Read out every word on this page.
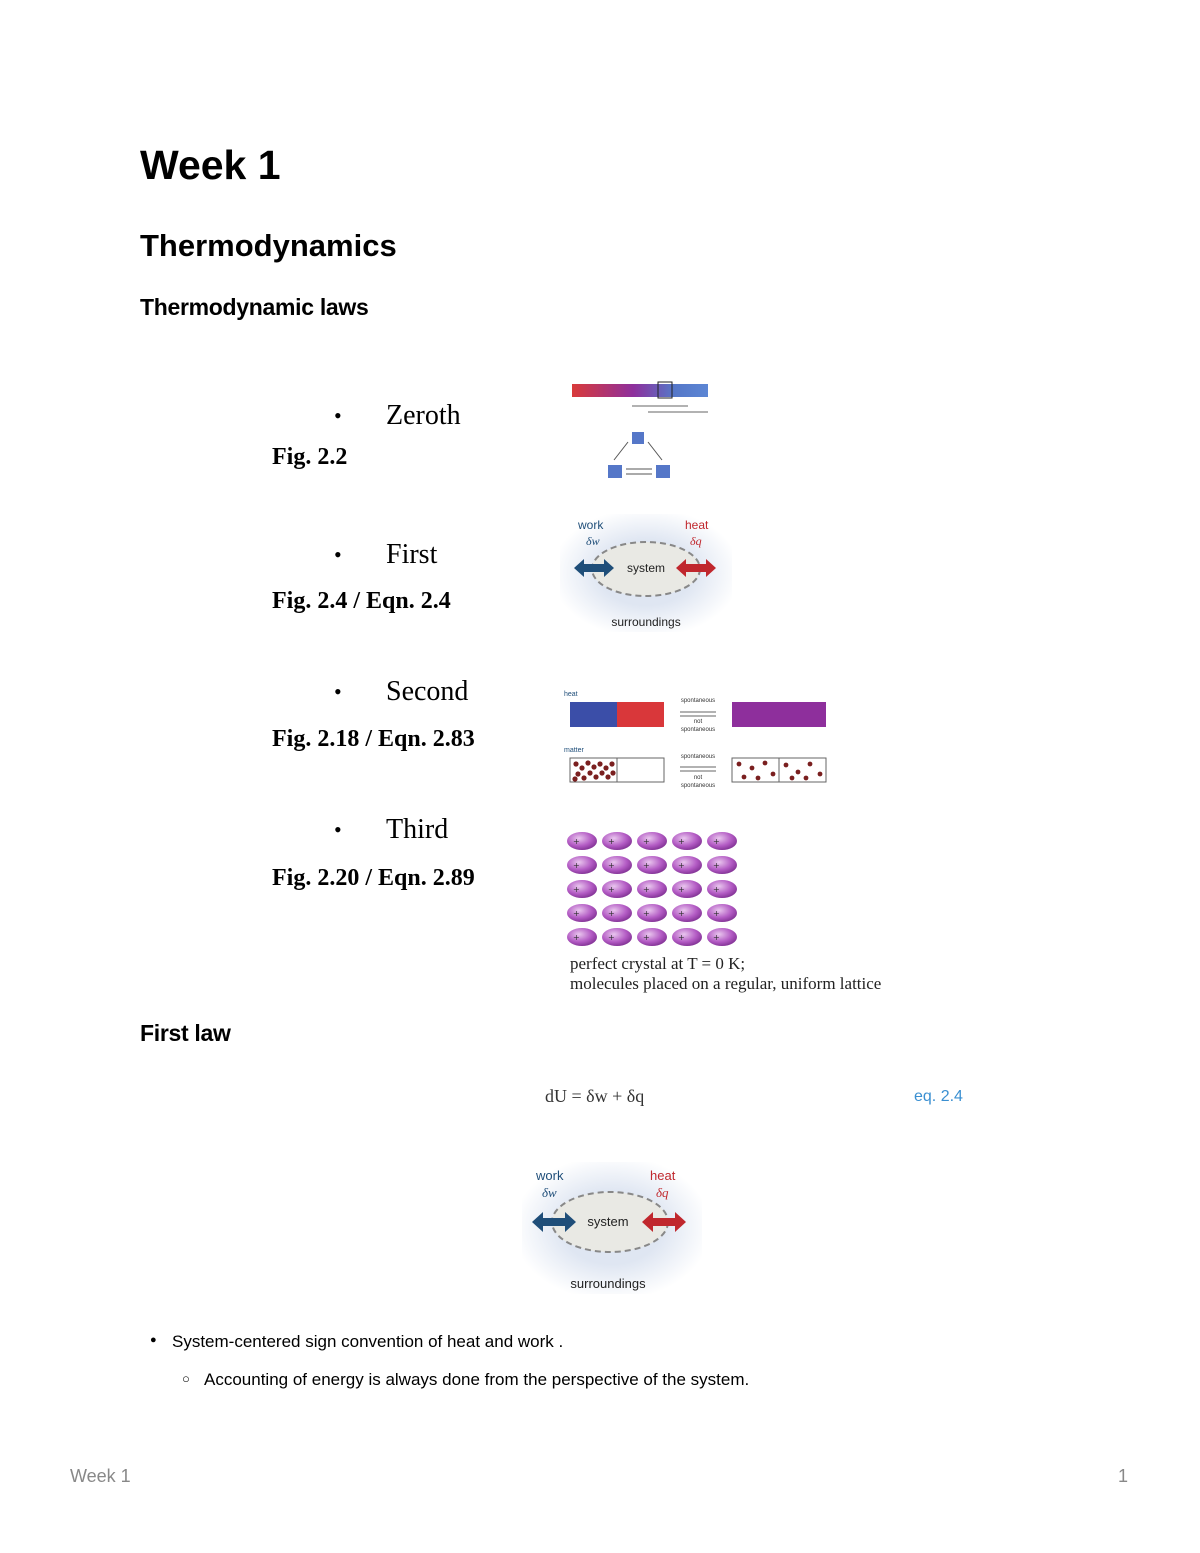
Week 1
Thermodynamics
Thermodynamic laws
• Zeroth
Fig. 2.2
• First
Fig. 2.4 / Eqn. 2.4
• Second
Fig. 2.18 / Eqn. 2.83
• Third
Fig. 2.20 / Eqn. 2.89
work
δw
heat
δq
system
surroundings
heat
spontaneous
not
spontaneous
matter
spontaneous
not
spontaneous
+	+	+	+	+
+	+	+	+	+
+	+	+	+	+
+	+	+	+	+
+	+	+	+	+
perfect crystal at T = 0 K;
molecules placed on a regular, uniform lattice
First law
dU = δw + δq	eq. 2.4
work
δw
heat
δq
system
surroundings
● System-centered sign convention of heat and work .
○ Accounting of energy is always done from the perspective of the system.
Week 1	1
